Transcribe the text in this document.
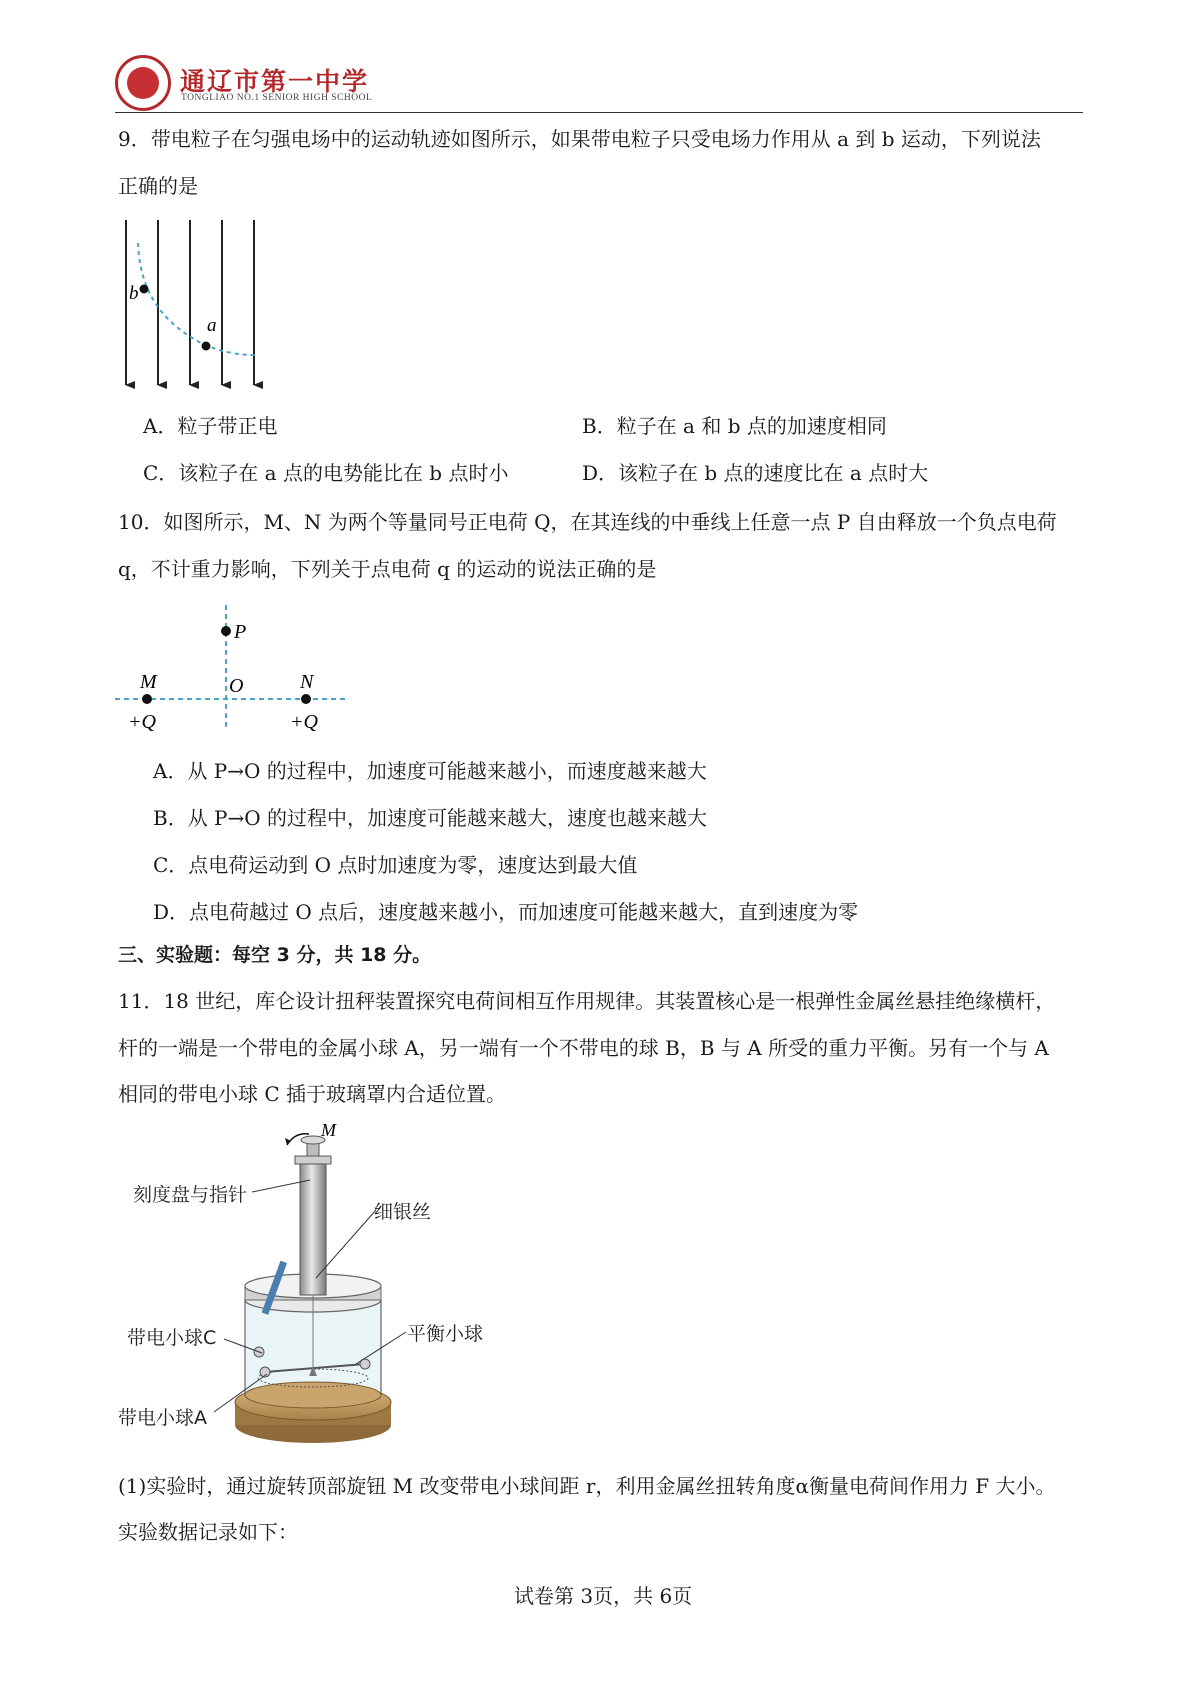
通辽市第一中学
TONGLIAO NO.1 SENIOR HIGH SCHOOL
9．带电粒子在匀强电场中的运动轨迹如图所示，如果带电粒子只受电场力作用从 a 到 b 运动，下列说法
正确的是
b
a
A．粒子带正电	B．粒子在 a 和 b 点的加速度相同
C．该粒子在 a 点的电势能比在 b 点时小	D．该粒子在 b 点的速度比在 a 点时大
10．如图所示，M、N 为两个等量同号正电荷 Q，在其连线的中垂线上任意一点 P 自由释放一个负点电荷
q，不计重力影响，下列关于点电荷 q 的运动的说法正确的是
P
O
M	N
+Q	+Q
A．从 P→O 的过程中，加速度可能越来越小，而速度越来越大
B．从 P→O 的过程中，加速度可能越来越大，速度也越来越大
C．点电荷运动到 O 点时加速度为零，速度达到最大值
D．点电荷越过 O 点后，速度越来越小，而加速度可能越来越大，直到速度为零
三、实验题：每空 3 分，共 18 分。
11．18 世纪，库仑设计扭秤装置探究电荷间相互作用规律。其装置核心是一根弹性金属丝悬挂绝缘横杆，
杆的一端是一个带电的金属小球 A，另一端有一个不带电的球 B，B 与 A 所受的重力平衡。另有一个与 A
相同的带电小球 C 插于玻璃罩内合适位置。
M
刻度盘与指针
细银丝
带电小球C	平衡小球
带电小球A
(1)实验时，通过旋转顶部旋钮 M 改变带电小球间距 r，利用金属丝扭转角度α衡量电荷间作用力 F 大小。
实验数据记录如下：
试卷第 3页，共 6页
